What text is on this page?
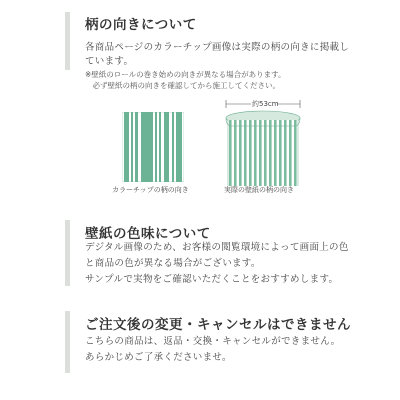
柄の向きについて
各商品ページのカラーチップ画像は実際の柄の向きに掲載し
ています。
※壁紙のロールの巻き始めの向きが異なる場合があります。
　必ず壁紙の柄の向きを確認してから施工してください。
カラーチップの柄の向き
約53cm
実際の壁紙の柄の向き
壁紙の色味について
デジタル画像のため、お客様の閲覧環境によって画面上の色
と商品の色が異なる場合がございます。
サンプルで実物をご確認いただくことをおすすめします。
ご注文後の変更・キャンセルはできません
こちらの商品は、返品・交換・キャンセルができません。
あらかじめご了承くださいませ。
